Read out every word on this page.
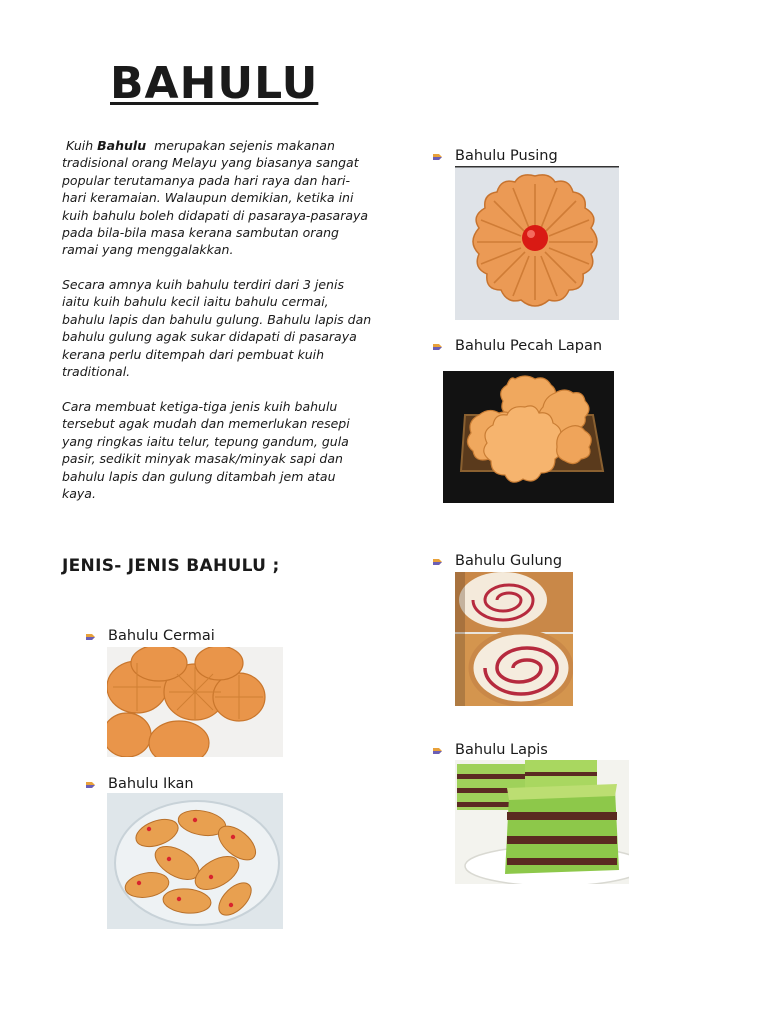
BAHULU

Kuih Bahulu merupakan sejenis makanan tradisional orang Melayu yang biasanya sangat popular terutamanya pada hari raya dan hari-hari keramaian. Walaupun demikian, ketika ini kuih bahulu boleh didapati di pasaraya-pasaraya pada bila-bila masa kerana sambutan orang ramai yang menggalakkan.

Secara amnya kuih bahulu terdiri dari 3 jenis iaitu kuih bahulu kecil iaitu bahulu cermai, bahulu lapis dan bahulu gulung. Bahulu lapis dan bahulu gulung agak sukar didapati di pasaraya kerana perlu ditempah dari pembuat kuih traditional.

Cara membuat ketiga-tiga jenis kuih bahulu tersebut agak mudah dan memerlukan resepi yang ringkas iaitu telur, tepung gandum, gula pasir, sedikit minyak masak/minyak sapi dan bahulu lapis dan gulung ditambah jem atau kaya.

JENIS- JENIS BAHULU ;
Bahulu Cermai
Bahulu Ikan
Bahulu Pusing
Bahulu Pecah Lapan
Bahulu Gulung
Bahulu Lapis
